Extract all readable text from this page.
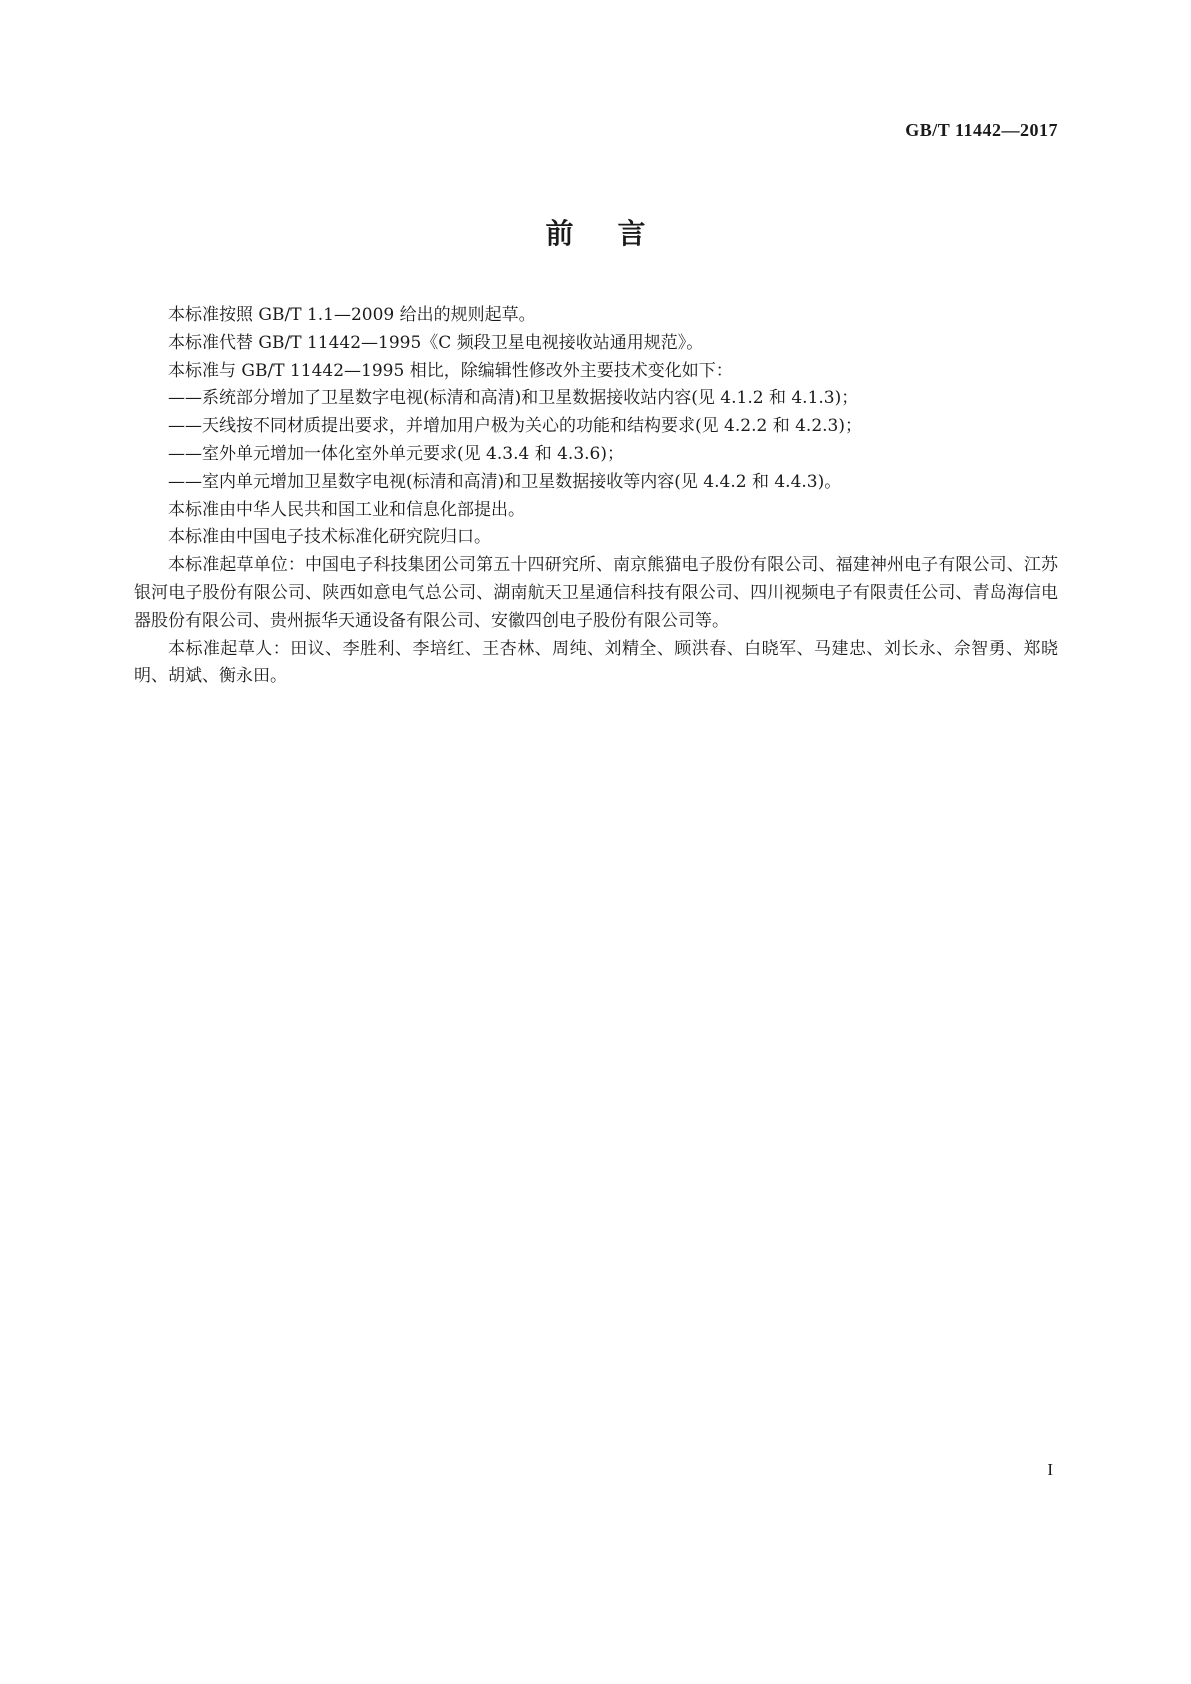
GB/T 11442—2017
前言

本标准按照 GB/T 1.1—2009 给出的规则起草。

本标准代替 GB/T 11442—1995《C 频段卫星电视接收站通用规范》。

本标准与 GB/T 11442—1995 相比，除编辑性修改外主要技术变化如下：

——系统部分增加了卫星数字电视(标清和高清)和卫星数据接收站内容(见 4.1.2 和 4.1.3)；

——天线按不同材质提出要求，并增加用户极为关心的功能和结构要求(见 4.2.2 和 4.2.3)；

——室外单元增加一体化室外单元要求(见 4.3.4 和 4.3.6)；

——室内单元增加卫星数字电视(标清和高清)和卫星数据接收等内容(见 4.4.2 和 4.4.3)。

本标准由中华人民共和国工业和信息化部提出。

本标准由中国电子技术标准化研究院归口。

本标准起草单位：中国电子科技集团公司第五十四研究所、南京熊猫电子股份有限公司、福建神州电子有限公司、江苏银河电子股份有限公司、陕西如意电气总公司、湖南航天卫星通信科技有限公司、四川视频电子有限责任公司、青岛海信电器股份有限公司、贵州振华天通设备有限公司、安徽四创电子股份有限公司等。

本标准起草人：田议、李胜利、李培红、王杏林、周纯、刘精全、顾洪春、白晓军、马建忠、刘长永、佘智勇、郑晓明、胡斌、衡永田。

I
